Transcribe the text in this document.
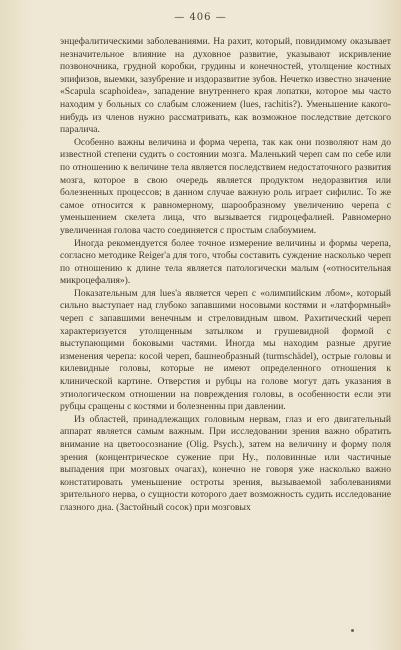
— 406 —

энцефалитическими заболеваниями. На рахит, который, повидимому оказывает незначительное влияние на духовное развитие, указывают искривление позвоночника, грудной коробки, грудины и конечностей, утолщение костных эпифизов, выемки, зазубрение и издоразвитие зубов. Нечетко известно значение «Scapula scaphoidea», западение внутреннего края лопатки, которое мы часто находим у больных со слабым сложением (lues, rachitis?). Уменьшение какого-нибудь из членов нужно рассматривать, как возможное последствие детского паралича.

Особенно важны величина и форма черепа, так как они позволяют нам до известной степени судить о состоянии мозга. Маленький череп сам по себе или по отношению к величине тела является последствием недостаточного развития мозга, которое в свою очередь является продуктом недоразвития или болезненных процессов; в данном случае важную роль играет сифилис. То же самое относится к равномерному, шарообразному увеличению черепа с уменьшением скелета лица, что вызывается гидроцефалией. Равномерно увеличенная голова часто соединяется с простым слабоумием.

Иногда рекомендуется более точное измерение величины и формы черепа, согласно методике Reiger'a для того, чтобы составить суждение насколько череп по отношению к длине тела является патологически малым («относительная микроцефалия»).

Показательным для lues'a является череп с «олимпийским лбом», который сильно выступает над глубоко запавшими носовыми костями и «латформный» череп с запавшими венечным и стреловидным швом. Рахитический череп характеризуется утолщенным затылком и грушевидной формой с выступающими боковыми частями. Иногда мы находим разные другие изменения черепа: косой череп, башнеобразный (turmschädel), острые головы и килевидные головы, которые не имеют определенного отношения к клинической картине. Отверстия и рубцы на голове могут дать указания в этиологическом отношении на повреждения головы, в особенности если эти рубцы сращены с костями и болезненны при давлении.

Из областей, принадлежащих головным нервам, глаз и его двигательный аппарат является самым важным. При исследовании зрения важно обратить внимание на цветоосознание (Olig. Psych.), затем на величину и форму поля зрения (концентрическое сужение при Hy., половинные или частичные выпадения при мозговых очагах), конечно не говоря уже насколько важно констатировать уменьшение остроты зрения, вызываемой заболеваниями зрительного нерва, о сущности которого дает возможность судить исследование глазного дна. (Застойный сосок) при мозговых
